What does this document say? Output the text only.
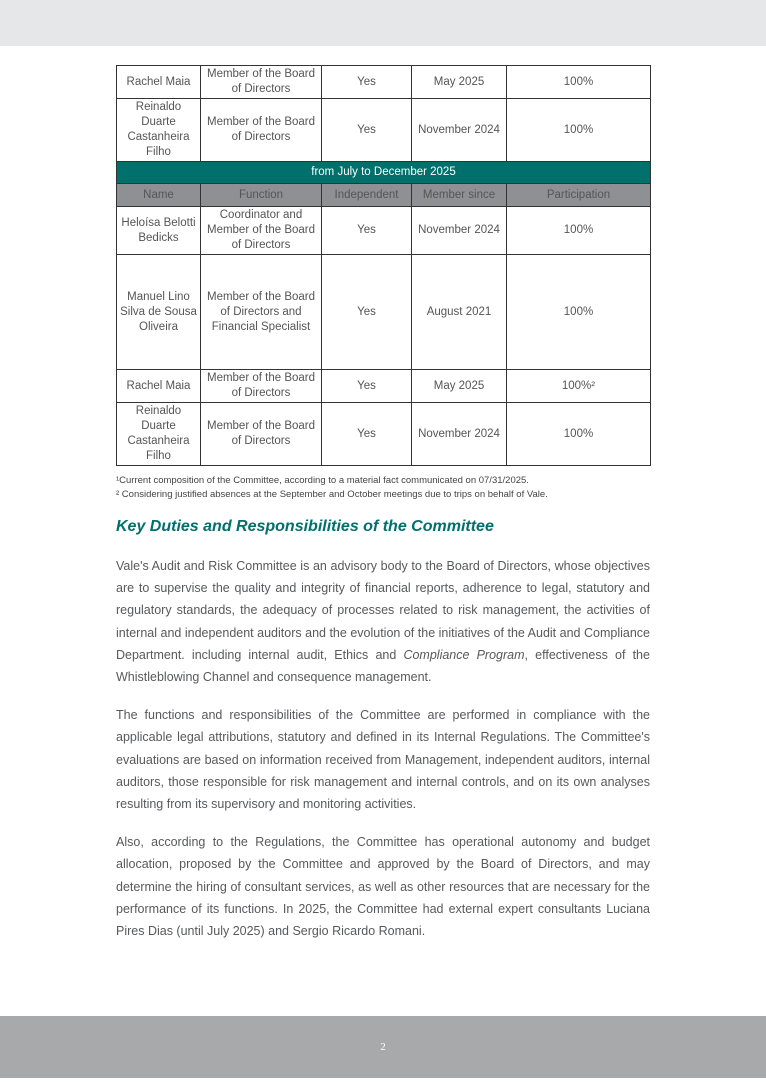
Rachel Maia	Member of the Board of Directors	Yes	May 2025	100%
Reinaldo Duarte Castanheira Filho	Member of the Board of Directors	Yes	November 2024	100%
from July to December 2025				
Name	Function	Independent	Member since	Participation
Heloísa Belotti Bedicks	Coordinator and Member of the Board of Directors	Yes	November 2024	100%
Manuel Lino Silva de Sousa Oliveira	Member of the Board of Directors and Financial Specialist	Yes	August 2021	100%
Rachel Maia	Member of the Board of Directors	Yes	May 2025	100%²
Reinaldo Duarte Castanheira Filho	Member of the Board of Directors	Yes	November 2024	100%

¹Current composition of the Committee, according to a material fact communicated on 07/31/2025.

² Considering justified absences at the September and October meetings due to trips on behalf of Vale.

Key Duties and Responsibilities of the Committee

Vale's Audit and Risk Committee is an advisory body to the Board of Directors, whose objectives are to supervise the quality and integrity of financial reports, adherence to legal, statutory and regulatory standards, the adequacy of processes related to risk management, the activities of internal and independent auditors and the evolution of the initiatives of the Audit and Compliance Department. including internal audit, Ethics and Compliance Program, effectiveness of the Whistleblowing Channel and consequence management.

The functions and responsibilities of the Committee are performed in compliance with the applicable legal attributions, statutory and defined in its Internal Regulations. The Committee's evaluations are based on information received from Management, independent auditors, internal auditors, those responsible for risk management and internal controls, and on its own analyses resulting from its supervisory and monitoring activities.

Also, according to the Regulations, the Committee has operational autonomy and budget allocation, proposed by the Committee and approved by the Board of Directors, and may determine the hiring of consultant services, as well as other resources that are necessary for the performance of its functions. In 2025, the Committee had external expert consultants Luciana Pires Dias (until July 2025) and Sergio Ricardo Romani.

2
